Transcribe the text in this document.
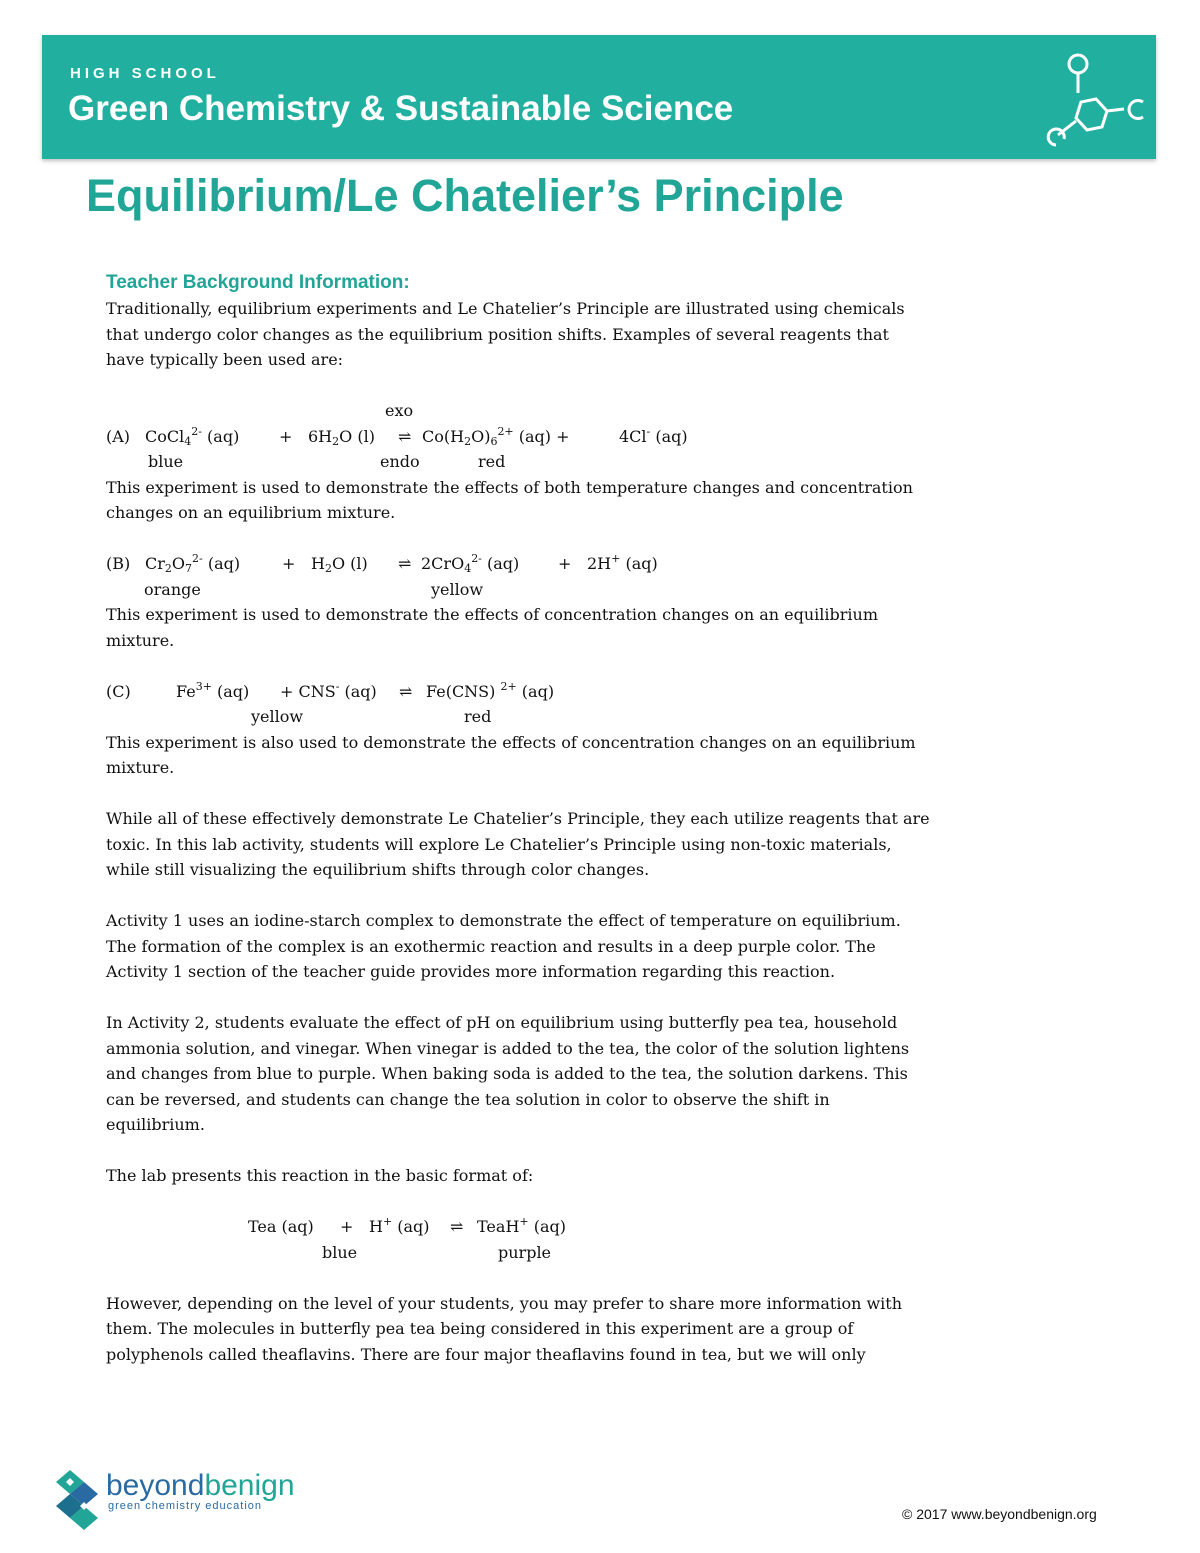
HIGH SCHOOL
Green Chemistry & Sustainable Science
Equilibrium/Le Chatelier’s Principle
Teacher Background Information:

Traditionally, equilibrium experiments and Le Chatelier’s Principle are illustrated using chemicals
that undergo color changes as the equilibrium position shifts. Examples of several reagents that
have typically been used are:

exo
(A) CoCl$_4^{2-}$ $(aq) + 6H_2O$ (l) ⇌ $Co(H_2O)_6^{2+}$ (aq) +	4Cl- (aq)
blue	endo	red

This experiment is used to demonstrate the effects of both temperature changes and concentration
changes on an equilibrium mixture.

(B) $Cr_2O_7^{2-}$ (aq)	+ $H_2O$ (l) ⇌ 2CrO$_4^{2-}$ (aq) + 2H+ (aq)
orange	yellow

This experiment is used to demonstrate the effects of concentration changes on an equilibrium
mixture.

(C)	$Fe^{3+}$ (aq) + CNS- (aq) ⇌ Fe(CNS) $^{2+}$ (aq)
yellow	red

This experiment is also used to demonstrate the effects of concentration changes on an equilibrium
mixture.

While all of these effectively demonstrate Le Chatelier’s Principle, they each utilize reagents that are
toxic. In this lab activity, students will explore Le Chatelier’s Principle using non-toxic materials,
while still visualizing the equilibrium shifts through color changes.

Activity 1 uses an iodine-starch complex to demonstrate the effect of temperature on equilibrium.
The formation of the complex is an exothermic reaction and results in a deep purple color. The
Activity 1 section of the teacher guide provides more information regarding this reaction.

In Activity 2, students evaluate the effect of pH on equilibrium using butterfly pea tea, household
ammonia solution, and vinegar. When vinegar is added to the tea, the color of the solution lightens
and changes from blue to purple. When baking soda is added to the tea, the solution darkens. This
can be reversed, and students can change the tea solution in color to observe the shift in
equilibrium.

The lab presents this reaction in the basic format of:

Tea (aq) + H+ (aq) ⇌ TeaH+ (aq)
blue	purple

However, depending on the level of your students, you may prefer to share more information with
them. The molecules in butterfly pea tea being considered in this experiment are a group of
polyphenols called theaflavins. There are four major theaflavins found in tea, but we will only

beyondbenign
green chemistry education	© 2017 www.beyondbenign.org
